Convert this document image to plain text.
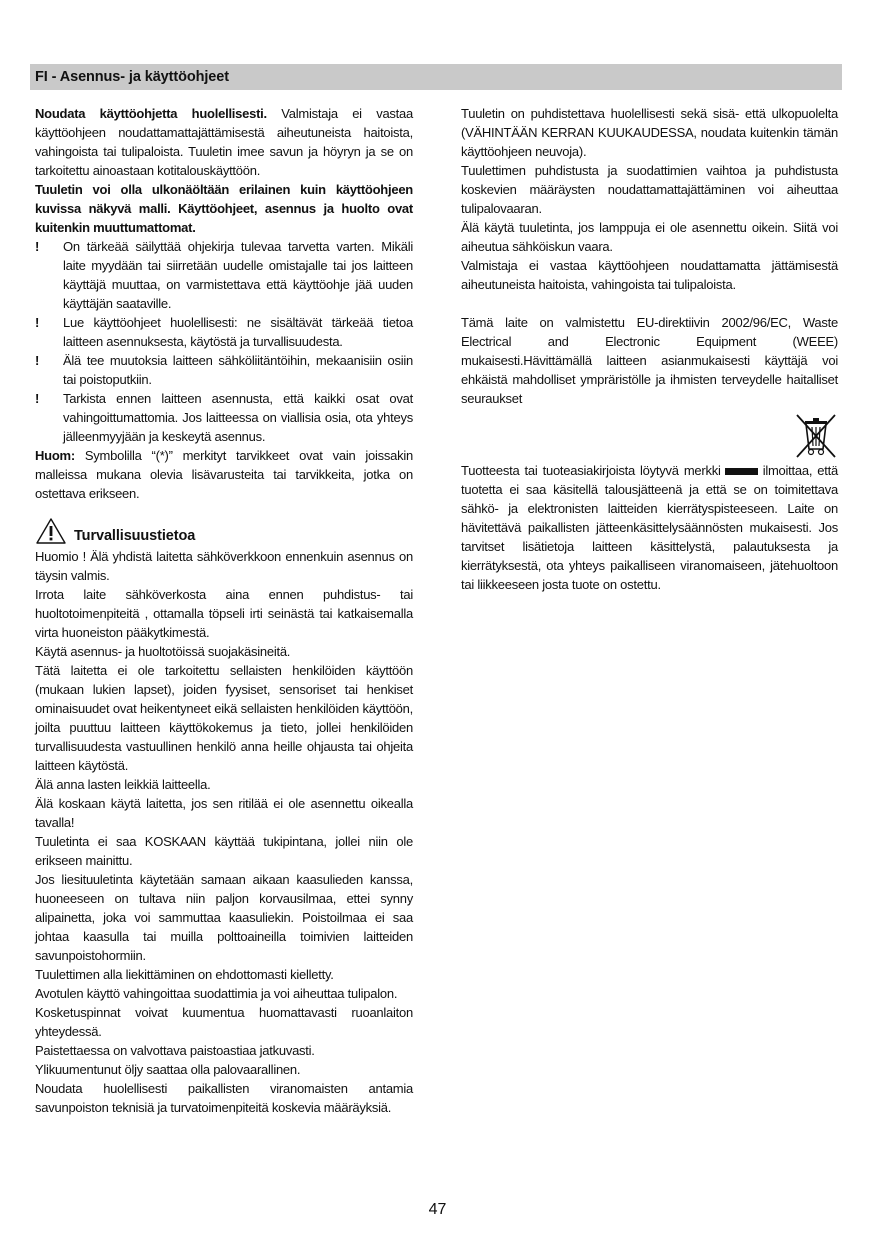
FI - Asennus- ja käyttöohjeet

Noudata käyttöohjetta huolellisesti. Valmistaja ei vastaa käyttöohjeen noudattamattajättämisestä aiheutuneista haitoista, vahingoista tai tulipaloista. Tuuletin imee savun ja höyryn ja se on tarkoitettu ainoastaan kotitalouskäyttöön.

Tuuletin voi olla ulkonäöltään erilainen kuin käyttöohjeen kuvissa näkyvä malli. Käyttöohjeet, asennus ja huolto ovat kuitenkin muuttumattomat.

!	On tärkeää säilyttää ohjekirja tulevaa tarvetta varten. Mikäli laite myydään tai siirretään uudelle omistajalle tai jos laitteen käyttäjä muuttaa, on varmistettava että käyttöohje jää uuden käyttäjän saataville.
!	Lue käyttöohjeet huolellisesti: ne sisältävät tärkeää tietoa laitteen asennuksesta, käytöstä ja turvallisuudesta.
!	Älä tee muutoksia laitteen sähköliitäntöihin, mekaanisiin osiin tai poistoputkiin.
!	Tarkista ennen laitteen asennusta, että kaikki osat ovat vahingoittumattomia. Jos laitteessa on viallisia osia, ota yhteys jälleenmyyjään ja keskeytä asennus.

Huom: Symbolilla “(*)” merkityt tarvikkeet ovat vain joissakin malleissa mukana olevia lisävarusteita tai tarvikkeita, jotka on ostettava erikseen.

Turvallisuustietoa

Huomio ! Älä yhdistä laitetta sähköverkkoon ennenkuin asennus on täysin valmis.

Irrota laite sähköverkosta aina ennen puhdistus- tai huoltotoimenpiteitä , ottamalla töpseli irti seinästä tai katkaisemalla virta huoneiston pääkytkimestä.

Käytä asennus- ja huoltotöissä suojakäsineitä.

Tätä laitetta ei ole tarkoitettu sellaisten henkilöiden käyttöön (mukaan lukien lapset), joiden fyysiset, sensoriset tai henkiset ominaisuudet ovat heikentyneet eikä sellaisten henkilöiden käyttöön, joilta puuttuu laitteen käyttökokemus ja tieto, jollei henkilöiden turvallisuudesta vastuullinen henkilö anna heille ohjausta tai ohjeita laitteen käytöstä.

Älä anna lasten leikkiä laitteella.

Älä koskaan käytä laitetta, jos sen ritilää ei ole asennettu oikealla tavalla!

Tuuletinta ei saa KOSKAAN käyttää tukipintana, jollei niin ole erikseen mainittu.

Jos liesituuletinta käytetään samaan aikaan kaasulieden kanssa, huoneeseen on tultava niin paljon korvausilmaa, ettei synny alipainetta, joka voi sammuttaa kaasuliekin. Poistoilmaa ei saa johtaa kaasulla tai muilla polttoaineilla toimivien laitteiden savunpoistohormiin.

Tuulettimen alla liekittäminen on ehdottomasti kielletty.

Avotulen käyttö vahingoittaa suodattimia ja voi aiheuttaa tulipalon.

Kosketuspinnat voivat kuumentua huomattavasti ruoanlaiton yhteydessä.

Paistettaessa on valvottava paistoastiaa jatkuvasti.

Ylikuumentunut öljy saattaa olla palovaarallinen.

Noudata huolellisesti paikallisten viranomaisten antamia savunpoiston teknisiä ja turvatoimenpiteitä koskevia määräyksiä.

Tuuletin on puhdistettava huolellisesti sekä sisä- että ulkopuolelta (VÄHINTÄÄN KERRAN KUUKAUDESSA, noudata kuitenkin tämän käyttöohjeen neuvoja).

Tuulettimen puhdistusta ja suodattimien vaihtoa ja puhdistusta koskevien määräysten noudattamattajättäminen voi aiheuttaa tulipalovaaran.

Älä käytä tuuletinta, jos lamppuja ei ole asennettu oikein. Siitä voi aiheutua sähköiskun vaara.

Valmistaja ei vastaa käyttöohjeen noudattamatta jättämisestä aiheutuneista haitoista, vahingoista tai tulipaloista.

Tämä laite on valmistettu EU-direktiivin 2002/96/EC, Waste Electrical and Electronic Equipment (WEEE) mukaisesti.Hävittämällä laitteen asianmukaisesti käyttäjä voi ehkäistä mahdolliset ympräristölle ja ihmisten terveydelle haitalliset seuraukset

Tuotteesta tai tuoteasiakirjoista löytyvä merkki	ilmoittaa, että tuotetta ei saa käsitellä talousjätteenä ja että se on toimitettava sähkö- ja elektronisten laitteiden kierrätyspisteeseen. Laite on hävitettävä paikallisten jätteenkäsittelysäännösten mukaisesti. Jos tarvitset lisätietoja laitteen käsittelystä, palautuksesta ja kierrätyksestä, ota yhteys paikalliseen viranomaiseen, jätehuoltoon tai liikkeeseen josta tuote on ostettu.

47
